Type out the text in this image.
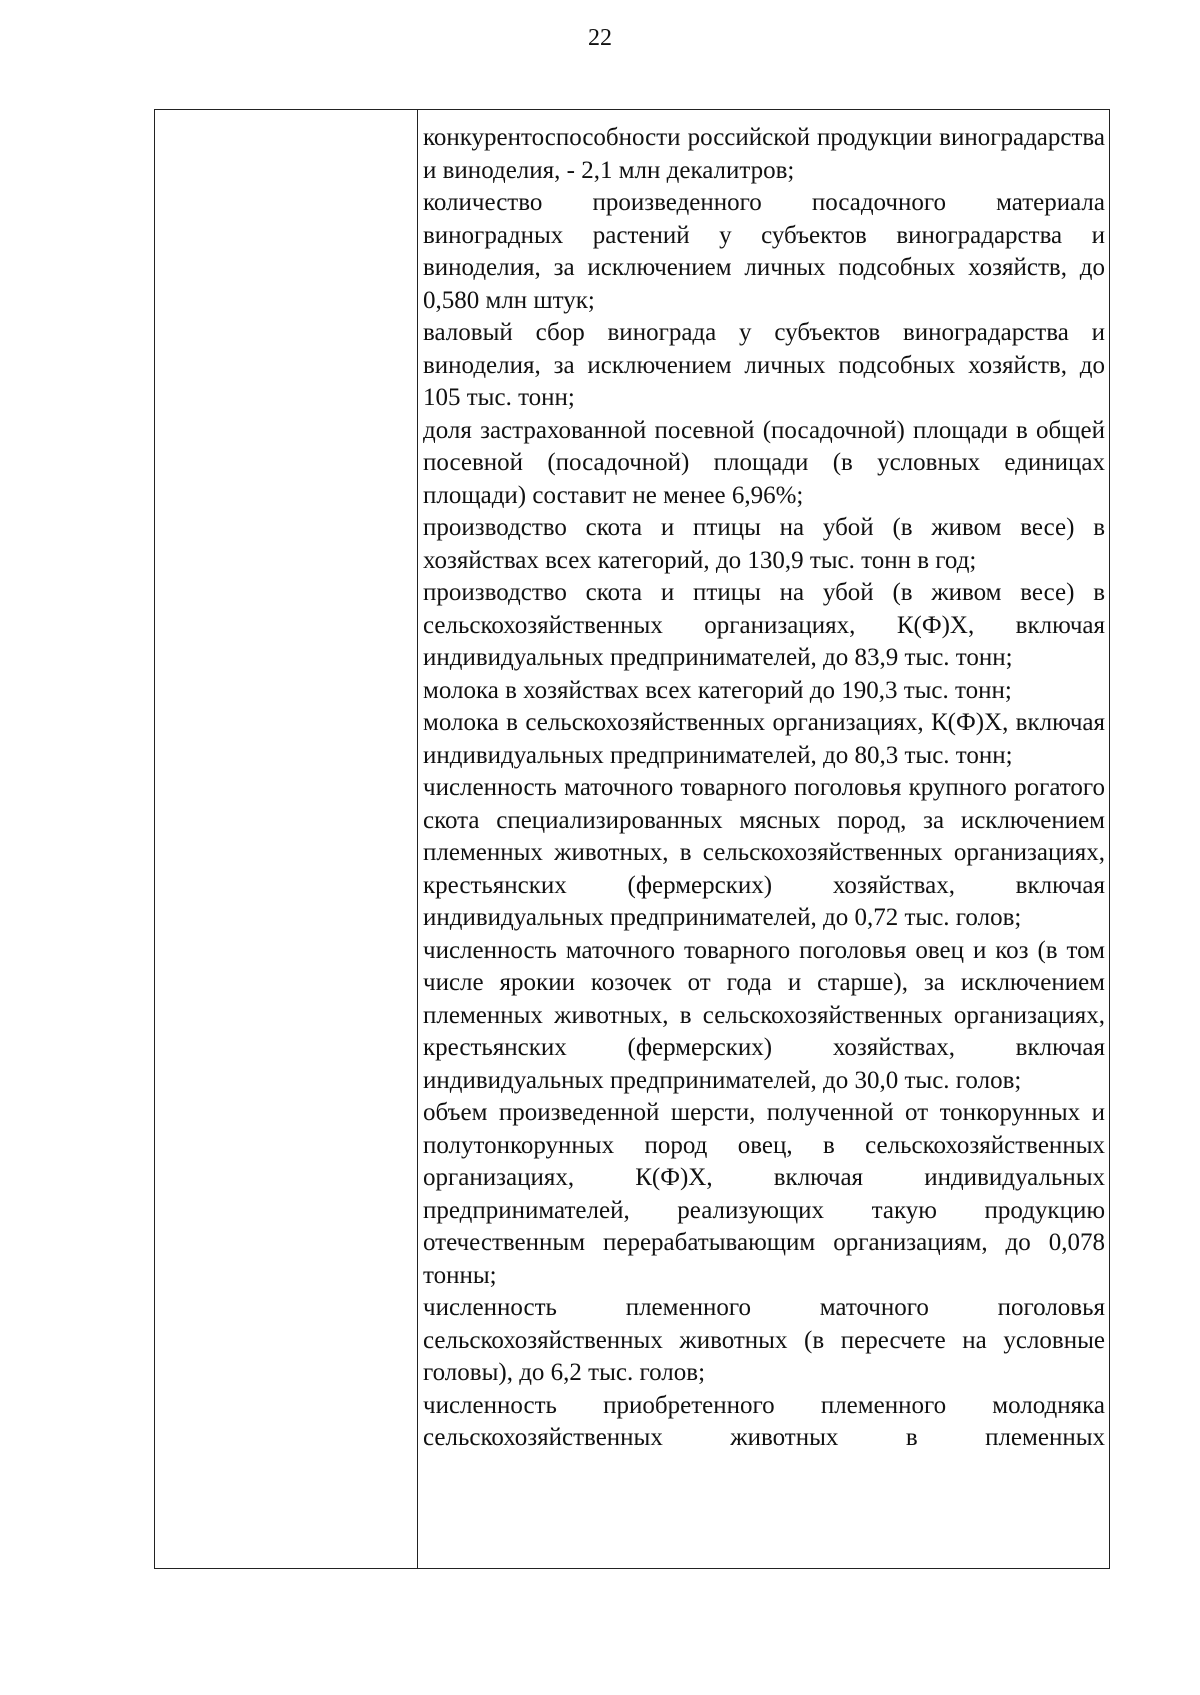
22

конкурентоспособности российской продукции виноградарства и виноделия, - 2,1 млн декалитров;

количество произведенного посадочного материала виноградных растений у субъектов виноградарства и виноделия, за исключением личных подсобных хозяйств, до 0,580 млн штук;

валовый сбор винограда у субъектов виноградарства и виноделия, за исключением личных подсобных хозяйств, до 105 тыс. тонн;

доля застрахованной посевной (посадочной) площади в общей посевной (посадочной) площади (в условных единицах площади) составит не менее 6,96%;

производство скота и птицы на убой (в живом весе) в хозяйствах всех категорий, до 130,9 тыс. тонн в год;

производство скота и птицы на убой (в живом весе) в сельскохозяйственных организациях, К(Ф)Х, включая индивидуальных предпринимателей, до 83,9 тыс. тонн;

молока в хозяйствах всех категорий до 190,3 тыс. тонн;

молока в сельскохозяйственных организациях, К(Ф)Х, включая индивидуальных предпринимателей, до 80,3 тыс. тонн;

численность маточного товарного поголовья крупного рогатого скота специализированных мясных пород, за исключением племенных животных, в сельскохозяйственных организациях, крестьянских (фермерских) хозяйствах, включая индивидуальных предпринимателей, до 0,72 тыс. голов;

численность маточного товарного поголовья овец и коз (в том числе ярокии козочек от года и старше), за исключением племенных животных, в сельскохозяйственных организациях, крестьянских (фермерских) хозяйствах, включая индивидуальных предпринимателей, до 30,0 тыс. голов;

объем произведенной шерсти, полученной от тонкорунных и полутонкорунных пород овец, в сельскохозяйственных организациях, К(Ф)Х, включая индивидуальных предпринимателей, реализующих такую продукцию отечественным перерабатывающим организациям, до 0,078 тонны;

численность племенного маточного поголовья сельскохозяйственных животных (в пересчете на условные головы), до 6,2 тыс. голов;

численность приобретенного племенного молодняка сельскохозяйственных животных в племенных
